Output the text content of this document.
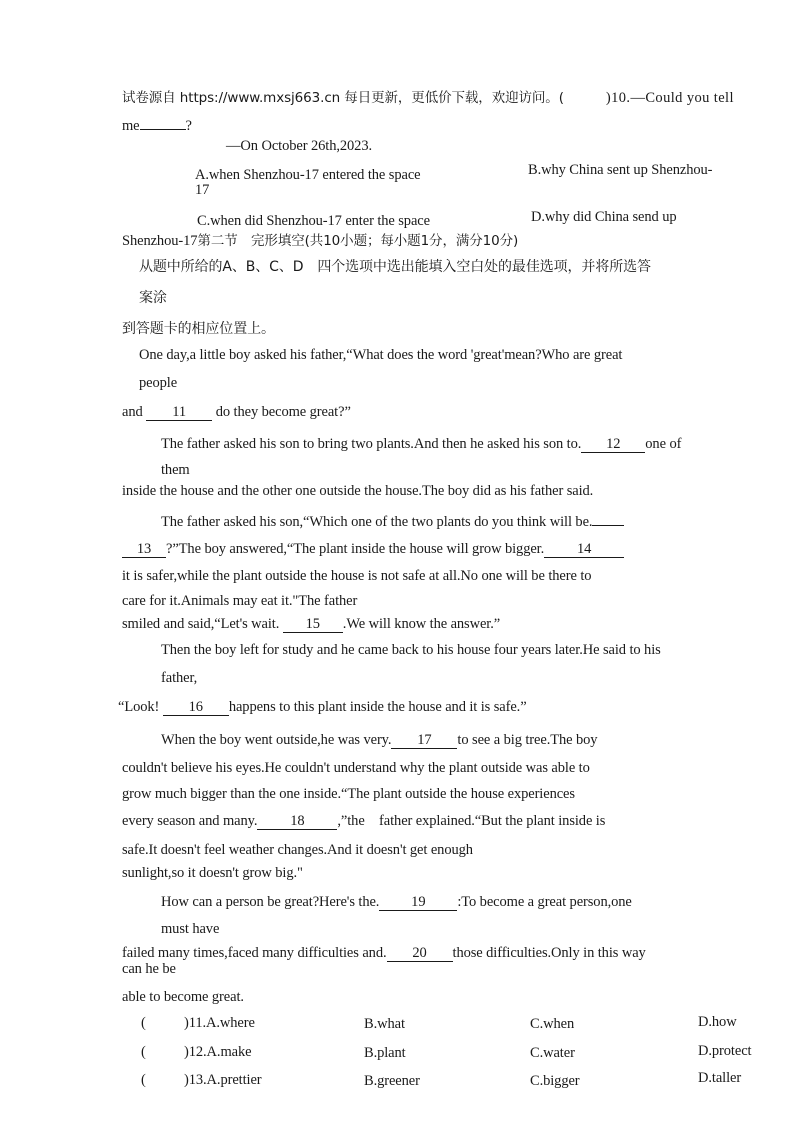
试卷源自 https://www.mxsj663.cn 每日更新，更低价下载，欢迎访问。(	)10.—Could you tell
me	?
—On October 26th,2023.
A.when Shenzhou-17 entered the space
17
B.why China sent up Shenzhou-
C.when did Shenzhou-17 enter the space	D.why did China send up
Shenzhou-17第二节　完形填空(共10小题；每小题1分，满分10分)
从题中所给的A、B、C、D　四个选项中选出能填入空白处的最佳选项，并将所选答
案涂
到答题卡的相应位置上。
One day,a little boy asked his father,“What does the word 'great'mean?Who are great
people
and 11 do they become great?”
The father asked his son to bring two plants.And then he asked his son to. 12 one of
them
inside the house and the other one outside the house.The boy did as his father said.
The father asked his son,“Which one of the two plants do you think will be.
13 ?”The boy answered,“The plant inside the house will grow bigger. 14
it is safer,while the plant outside the house is not safe at all.No one will be there to
care for it.Animals may eat it."The father
smiled and said,“Let's wait. 15 .We will know the answer.”
Then the boy left for study and he came back to his house four years later.He said to his
father,
“Look! 16 happens to this plant inside the house and it is safe.”
When the boy went outside,he was very. 17 to see a big tree.The boy
couldn't believe his eyes.He couldn't understand why the plant outside was able to
grow much bigger than the one inside.“The plant outside the house experiences
every season and many. 18 ,”the　father explained.“But the plant inside is
safe.It doesn't feel weather changes.And it doesn't get enough
sunlight,so it doesn't grow big."
How can a person be great?Here's the. 19 :To become a great person,one
must have
failed many times,faced many difficulties and. 20 those difficulties.Only in this way
can he be
able to become great.
(	)11.A.where	B.what	C.when	D.how
(	)12.A.make	B.plant	C.water	D.protect
(	)13.A.prettier	B.greener	C.bigger	D.taller
